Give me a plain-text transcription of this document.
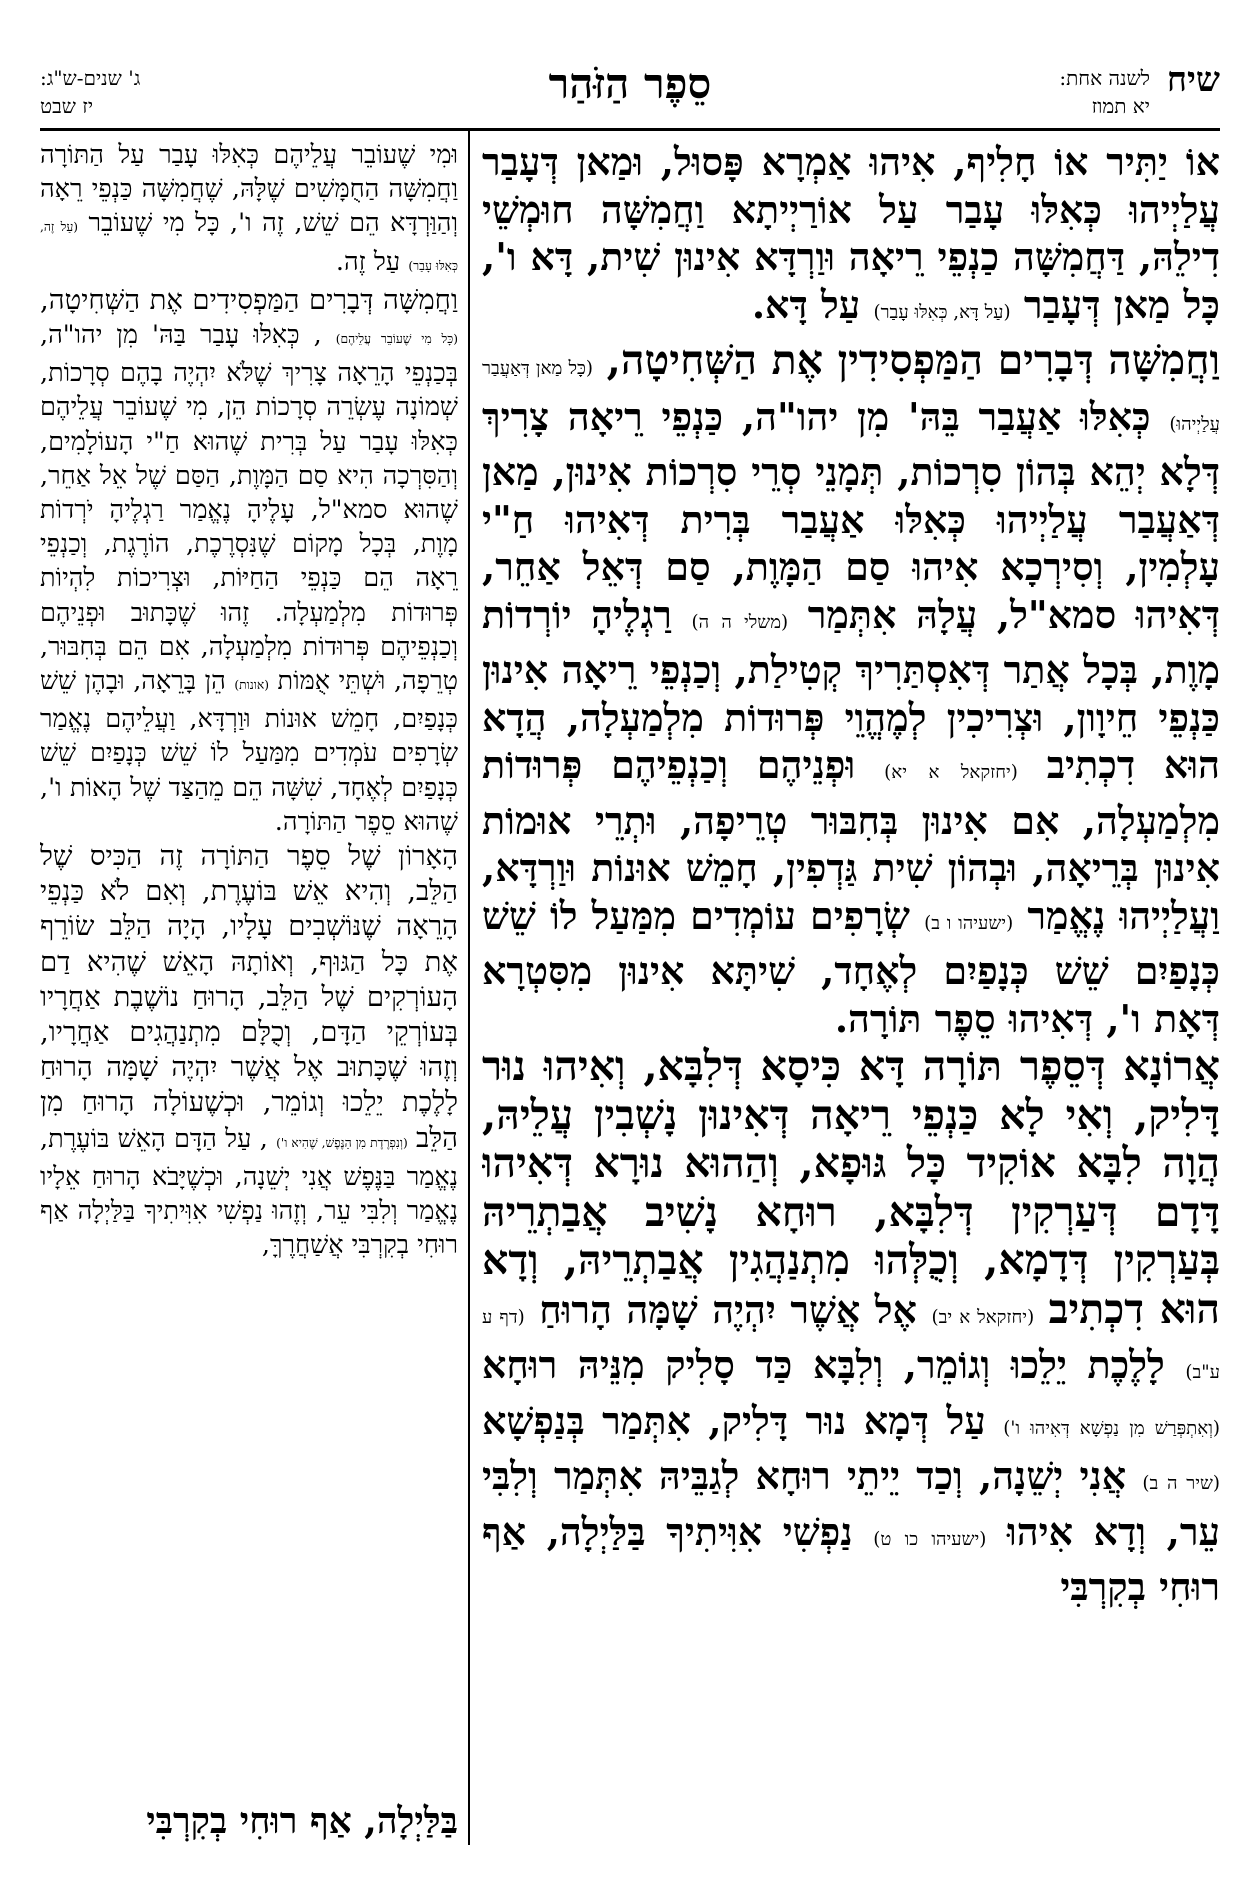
שיח
לשנה אחת:
יא תמוז
סֵפֶר הַזֹּהַר
ג' שנים-ש"ג:
יז שבט

אוֹ יַתִּיר אוֹ חָלִיף, אִיהוּ אַמְרָא פָּסוּל, וּמַאן דְּעָבַר עֲלַיְיהוּ כְּאִלּוּ עָבַר עַל אוֹרַיְיתָא וַחֲמִשָּׁה חוּמְשֵׁי דִילֵהּ, דַּחֲמִשָּׁה כַנְפֵי רֵיאָה וּוַרְדָּא אִינוּן שִׁית, דָּא ו', כָּל מַאן דְּעָבַר (עַל דָּא, כְּאִלּוּ עָבַר) עַל דָּא.

וַחֲמִשָּׁה דְּבָרִים הַמַּפְסִידִין אֶת הַשְּׁחִיטָה, (כָּל מַאן דְּאַעֲבַר עֲלַיְיהוּ) כְּאִלּוּ אַעֲבַר בֵּהּ' מִן יהו"ה, כַּנְפֵי רֵיאָה צָרִיךְ דְּלָא יְהֵא בְּהוֹן סִרְכוֹת, תְּמָנֵי סְרֵי סִרְכוֹת אִינוּן, מַאן דְּאַעֲבַר עֲלַיְיהוּ כְּאִלּוּ אַעֲבַר בְּרִית דְּאִיהוּ חַ"י עָלְמִין, וְסִירְכָא אִיהוּ סַם הַמָּוֶת, סַם דְּאֵל אַחֵר, דְּאִיהוּ סמא"ל, עֲלָהּ אִתְּמַר (משלי ה ה) רַגְלֶיהָ יוֹרְדוֹת מָוֶת, בְּכָל אֲתַר דְּאִסְתַּרִיךְ קְטִילַת, וְכַנְפֵי רֵיאָה אִינוּן כַּנְפֵי חֵיוָון, וּצְרִיכִין לְמֶהֱוֵי פְּרוּדוֹת מִלְמַעְלָה, הֲדָא הוּא דִכְתִיב (יחזקאל א יא) וּפְנֵיהֶם וְכַנְפֵיהֶם פְּרוּדוֹת מִלְמַעְלָה, אִם אִינוּן בְּחִבּוּר טְרֵיפָה, וּתְרֵי אוּמוֹת אִינוּן בְּרֵיאָה, וּבְהוֹן שִׁית גַּדְפִין, חָמֵשׁ אוּנוֹת וּוַרְדָּא, וַעֲלַיְיהוּ נֶאֱמַר (ישעיהו ו ב) שְׂרָפִים עוֹמְדִים מִמַּעַל לוֹ שֵׁשׁ כְּנָפַיִם שֵׁשׁ כְּנָפַיִם לְאֶחָד, שִׁיתָּא אִינוּן מִסִּטְרָא דְּאָת ו', דְּאִיהוּ סֵפֶר תּוֹרָה.

אֲרוֹנָא דְּסֵפֶר תּוֹרָה דָּא כִּיסָא דְּלִבָּא, וְאִיהוּ נוּר דָּלִיק, וְאִי לָא כַּנְפֵי רֵיאָה דְּאִינוּן נָשְׁבִין עֲלֵיהּ, הֲוָה לִבָּא אוֹקִיד כָּל גּוּפָא, וְהַהוּא נוּרָא דְּאִיהוּ דָּדָם דְּעַרְקִין דְּלִבָּא, רוּחָא נָשִׁיב אֲבַתְרֵיהּ בְּעַרְקִין דְּדָמָא, וְכֻלְּהוּ מִתְנַהֲגִין אֲבַתְרֵיהּ, וְדָא הוּא דִכְתִיב (יחזקאל א יב) אֶל אֲשֶׁר יִהְיֶה שָׁמָּה הָרוּחַ (דף ע ע"ב) לָלֶכֶת יֵלֵכוּ וְגוֹמֵר, וְלִבָּא כַּד סָלִיק מִנֵּיהּ רוּחָא (וְאִתְפְּרַשׁ מִן נַפְשָׁא דְּאִיהוּ ו') עַל דְּמָא נוּר דָּלִיק, אִתְּמַר בְּנַפְשָׁא (שיר ה ב) אֲנִי יְשֵׁנָה, וְכַד יֵיתֵי רוּחָא לְגַבֵּיהּ אִתְּמַר וְלִבִּי עֵר, וְדָא אִיהוּ (ישעיהו כו ט) נַפְשִׁי אִוִּיתִיךָ בַּלַּיְלָה, אַף רוּחִי בְקִרְבִּי

וּמִי שֶׁעוֹבֵר עֲלֵיהֶם כְּאִלּוּ עָבַר עַל הַתּוֹרָה וַחֲמִשָּׁה הַחֻמָּשִׁים שֶׁלָּהּ, שֶׁחֲמִשָּׁה כַּנְפֵי רֵאָה וְהַוַּרְדָּא הֵם שֵׁשׁ, זֶה ו', כָּל מִי שֶׁעוֹבֵר (עַל זֶה, כְּאִלּוּ עָבַר) עַל זֶה.

וַחֲמִשָּׁה דְּבָרִים הַמַּפְסִידִים אֶת הַשְּׁחִיטָה, (כָּל מִי שֶׁעוֹבֵר עֲלֵיהֶם) , כְּאִלּוּ עָבַר בַּהּ' מִן יהו"ה, בְּכַנְפֵי הָרֵאָה צָרִיךְ שֶׁלֹּא יִהְיֶה בָהֶם סְרָכוֹת, שְׁמוֹנָה עֶשְׂרֵה סְרָכוֹת הֵן, מִי שֶׁעוֹבֵר עֲלֵיהֶם כְּאִלּוּ עָבַר עַל בְּרִית שֶׁהוּא חַ"י הָעוֹלָמִים, וְהַסִּרְכָה הִיא סַם הַמָּוֶת, הַסַּם שֶׁל אֵל אַחֵר, שֶׁהוּא סמא"ל, עָלֶיהָ נֶאֱמַר רַגְלֶיהָ יֹרְדוֹת מָוֶת, בְּכָל מָקוֹם שֶׁנִּסְרֶכֶת, הוֹרֶגֶת, וְכַנְפֵי רֵאָה הֵם כַּנְפֵי הַחַיּוֹת, וּצְרִיכוֹת לִהְיוֹת פְּרוּדוֹת מִלְמַעְלָה. זֶהוּ שֶׁכָּתוּב וּפְנֵיהֶם וְכַנְפֵיהֶם פְּרוּדוֹת מִלְמַעְלָה, אִם הֵם בְּחִבּוּר, טְרֵפָה, וּשְׁתֵּי אֻמּוֹת (אונות) הֵן בָּרֵאָה, וּבָהֶן שֵׁשׁ כְּנָפַיִם, חָמֵשׁ אוּנוֹת וּוַרְדָּא, וַעֲלֵיהֶם נֶאֱמַר שְׂרָפִים עֹמְדִים מִמַּעַל לוֹ שֵׁשׁ כְּנָפַיִם שֵׁשׁ כְּנָפַיִם לְאֶחָד, שִׁשָּׁה הֵם מֵהַצַּד שֶׁל הָאוֹת ו', שֶׁהוּא סֵפֶר הַתּוֹרָה.

הָאָרוֹן שֶׁל סֵפֶר הַתּוֹרָה זֶה הַכִּיס שֶׁל הַלֵּב, וְהִיא אֵשׁ בּוֹעֶרֶת, וְאִם לֹא כַּנְפֵי הָרֵאָה שֶׁנּוֹשְׁבִים עָלָיו, הָיָה הַלֵּב שׂוֹרֵף אֶת כָּל הַגּוּף, וְאוֹתָהּ הָאֵשׁ שֶׁהִיא דַם הָעוֹרְקִים שֶׁל הַלֵּב, הָרוּחַ נוֹשֶׁבֶת אַחֲרָיו בְּעוֹרְקֵי הַדָּם, וְכֻלָּם מִתְנַהֲגִים אַחֲרָיו, וְזֶהוּ שֶׁכָּתוּב אֶל אֲשֶׁר יִהְיֶה שָׁמָּה הָרוּחַ לָלֶכֶת יֵלֵכוּ וְגוֹמֵר, וּכְשֶׁעוֹלָה הָרוּחַ מִן הַלֵּב (וְנִפְרֶדֶת מִן הַנֶּפֶשׁ, שֶׁהִיא ו') , עַל הַדָּם הָאֵשׁ בּוֹעֶרֶת, נֶאֱמַר בַּנֶּפֶשׁ אֲנִי יְשֵׁנָה, וּכְשֶׁיָּבֹא הָרוּחַ אֵלָיו נֶאֱמַר וְלִבִּי עֵר, וְזֶהוּ נַפְשִׁי אִוִּיתִיךָ בַּלַּיְלָה אַף רוּחִי בְקִרְבִּי אֲשַׁחֲרֶךָּ,

בַּלַּיְלָה, אַף רוּחִי בְקִרְבִּי
